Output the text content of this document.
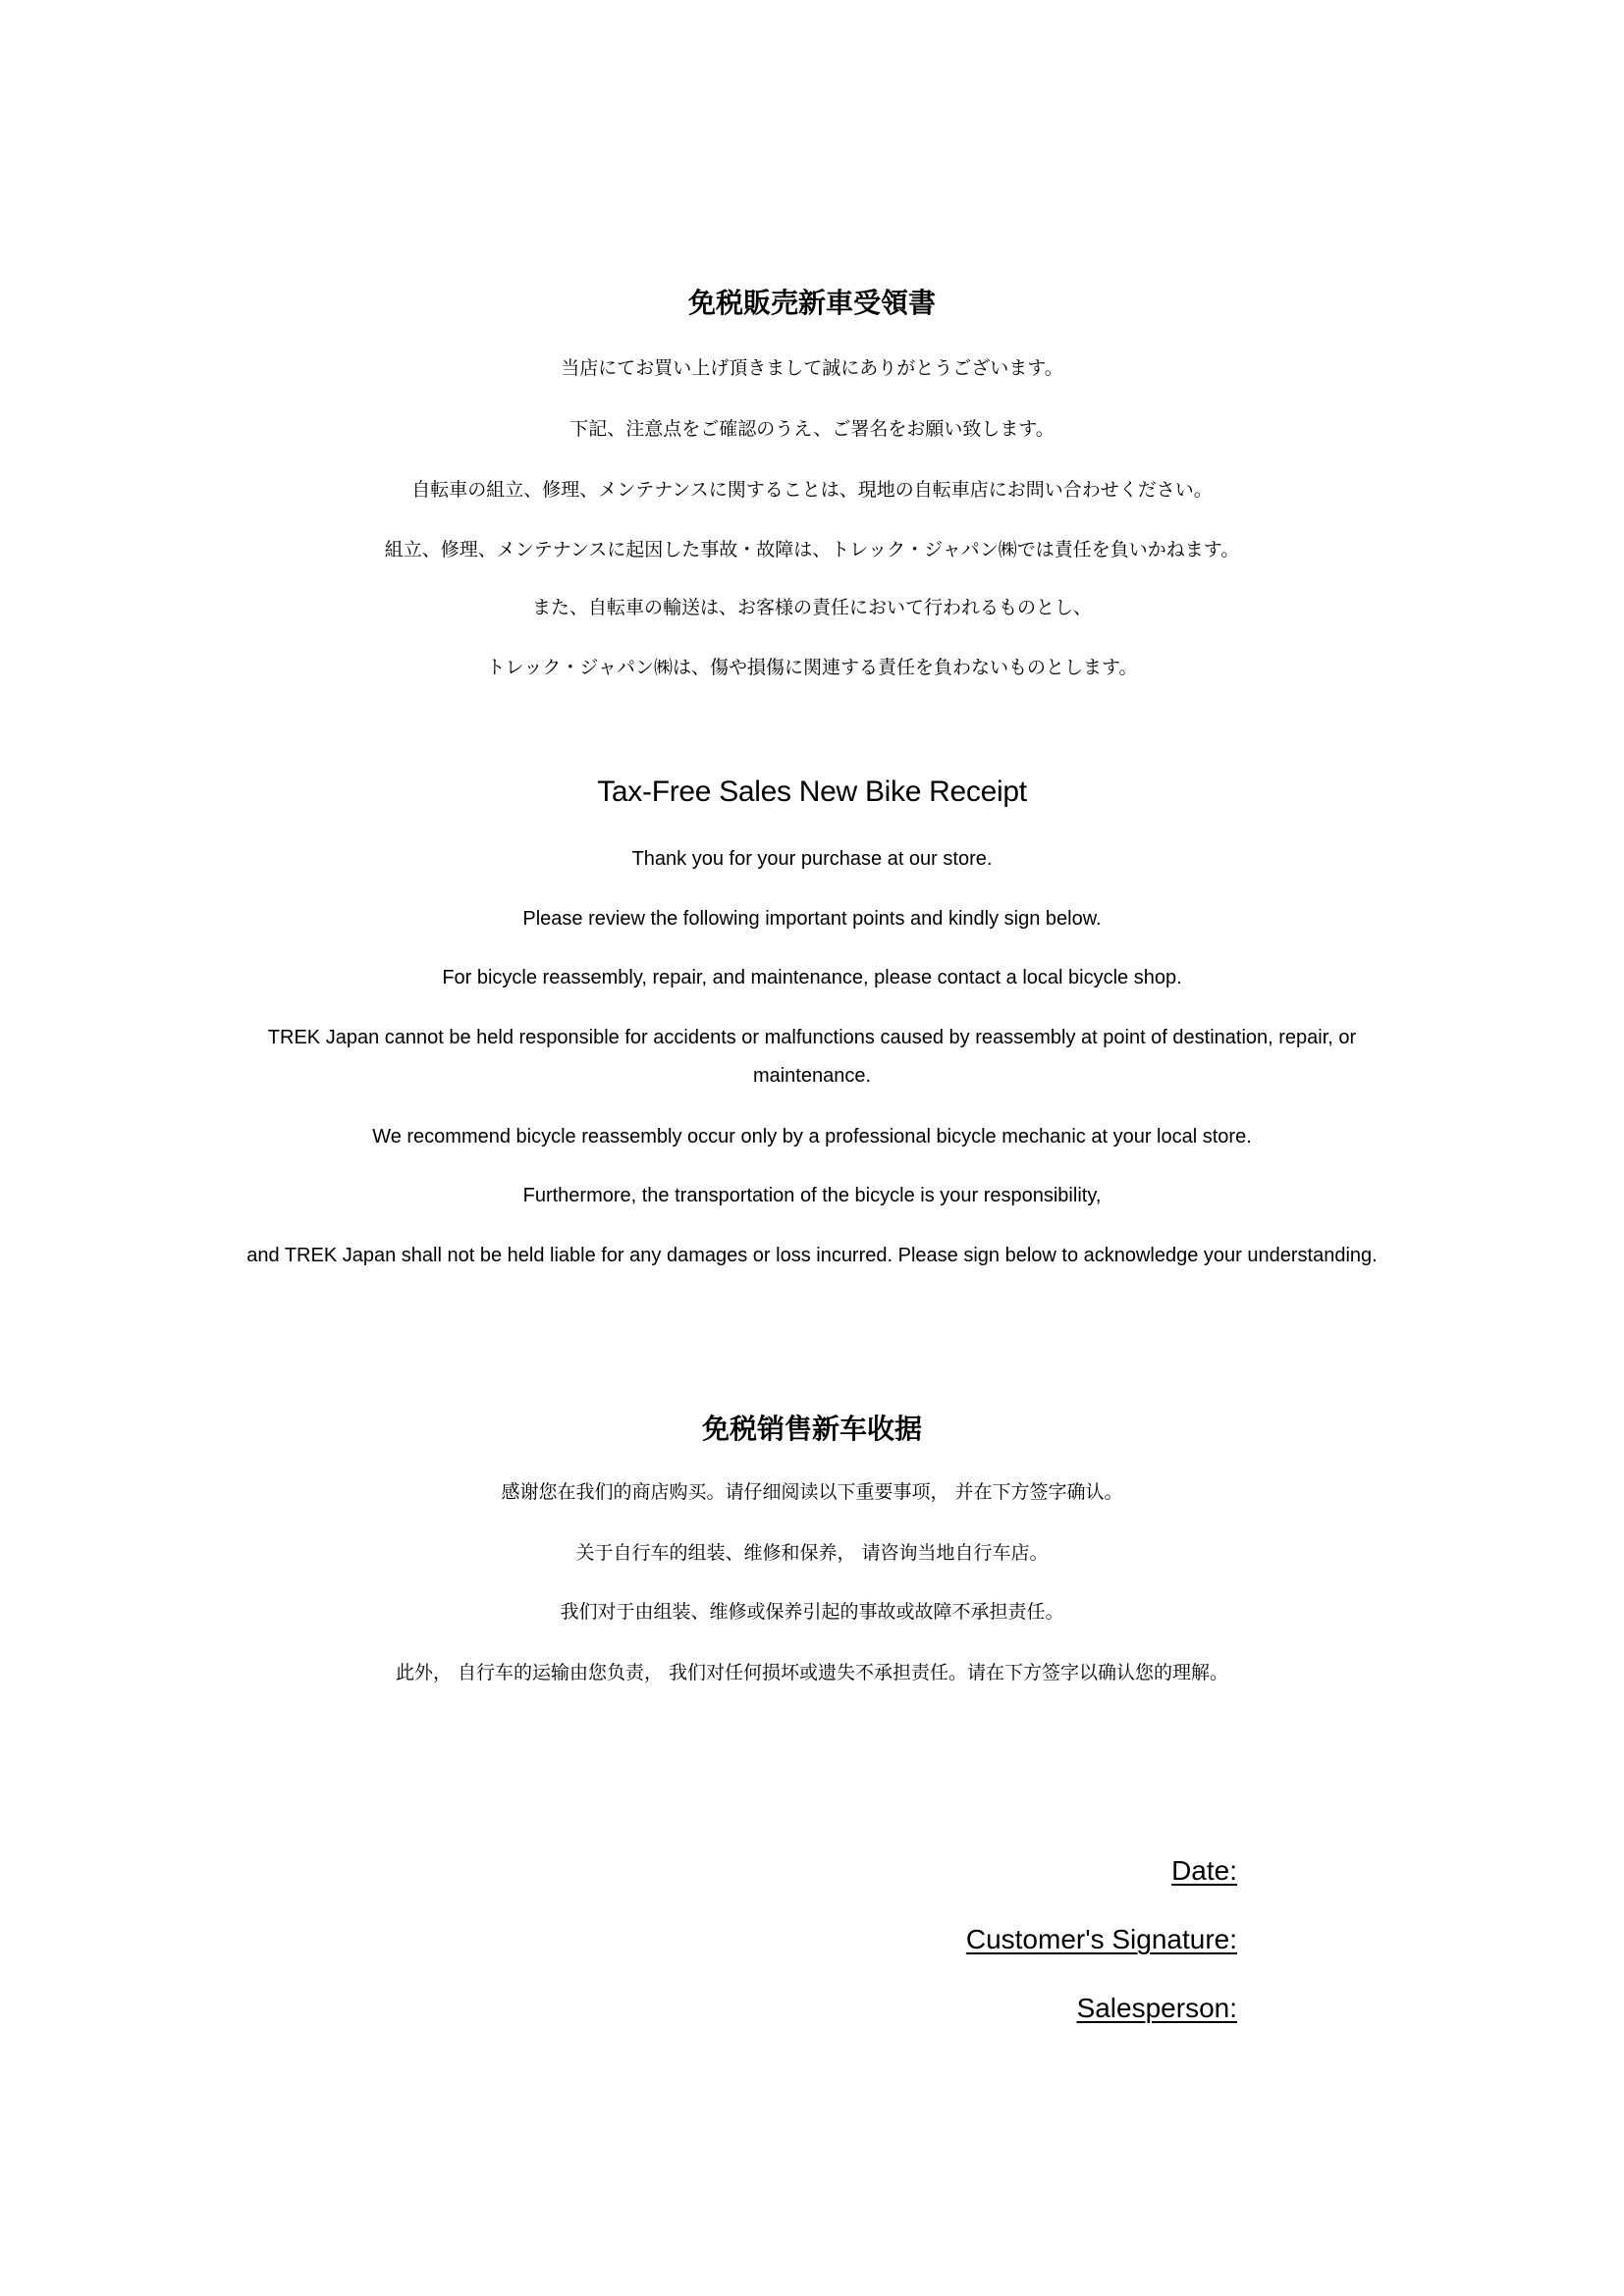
免税販売新車受領書
当店にてお買い上げ頂きまして誠にありがとうございます。
下記、注意点をご確認のうえ、ご署名をお願い致します。
自転車の組立、修理、メンテナンスに関することは、現地の自転車店にお問い合わせください。
組立、修理、メンテナンスに起因した事故・故障は、トレック・ジャパン㈱では責任を負いかねます。
また、自転車の輸送は、お客様の責任において行われるものとし、
トレック・ジャパン㈱は、傷や損傷に関連する責任を負わないものとします。
Tax-Free Sales New Bike Receipt
Thank you for your purchase at our store.
Please review the following important points and kindly sign below.
For bicycle reassembly, repair, and maintenance, please contact a local bicycle shop.
TREK Japan cannot be held responsible for accidents or malfunctions caused by reassembly at point of destination, repair, or maintenance.
We recommend bicycle reassembly occur only by a professional bicycle mechanic at your local store.
Furthermore, the transportation of the bicycle is your responsibility,
and TREK Japan shall not be held liable for any damages or loss incurred. Please sign below to acknowledge your understanding.
免税销售新车收据
感谢您在我们的商店购买。请仔细阅读以下重要事项， 并在下方签字确认。
关于自行车的组装、维修和保养， 请咨询当地自行车店。
我们对于由组装、维修或保养引起的事故或故障不承担责任。
此外， 自行车的运输由您负责， 我们对任何损坏或遗失不承担责任。请在下方签字以确认您的理解。
Date:
Customer's Signature:
Salesperson:
